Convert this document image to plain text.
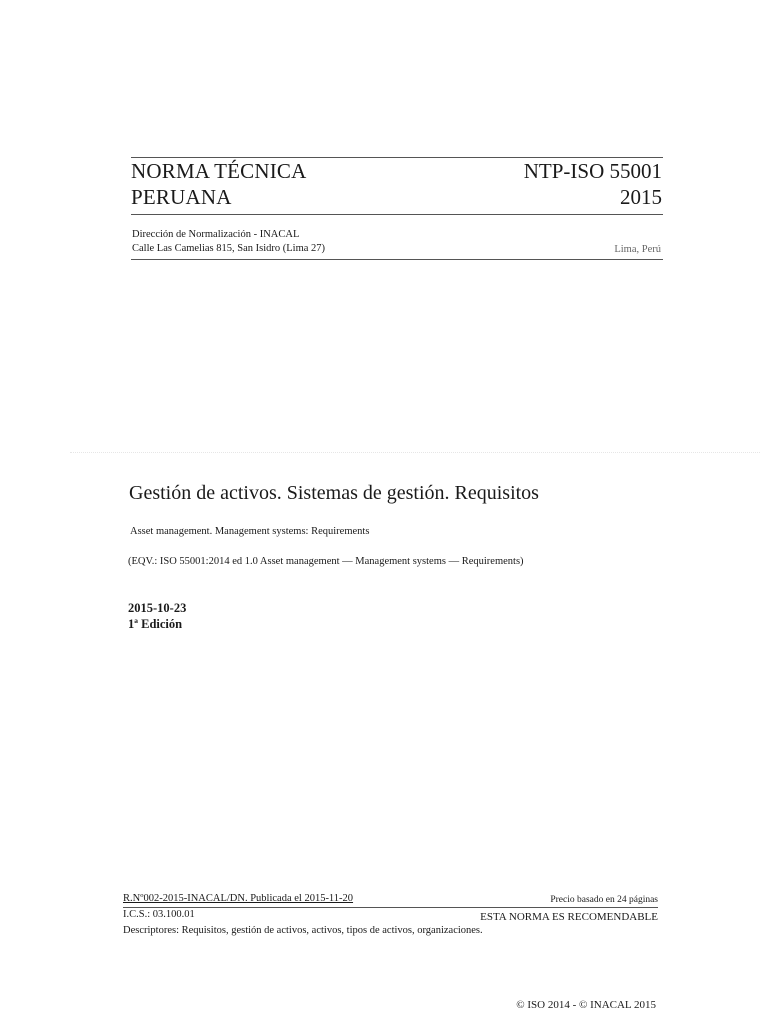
NORMA TÉCNICA
PERUANA
NTP-ISO 55001
2015
Dirección de Normalización - INACAL
Calle Las Camelias 815, San Isidro (Lima 27)	Lima, Perú
Gestión de activos. Sistemas de gestión. Requisitos
Asset management. Management systems: Requirements
(EQV.: ISO 55001:2014 ed 1.0 Asset management — Management systems — Requirements)
2015-10-23
1ª Edición
R.Nº002-2015-INACAL/DN. Publicada el 2015-11-20	Precio basado en 24 páginas
I.C.S.: 03.100.01	ESTA NORMA ES RECOMENDABLE
Descriptores: Requisitos, gestión de activos, activos, tipos de activos, organizaciones.
© ISO 2014 - © INACAL 2015
